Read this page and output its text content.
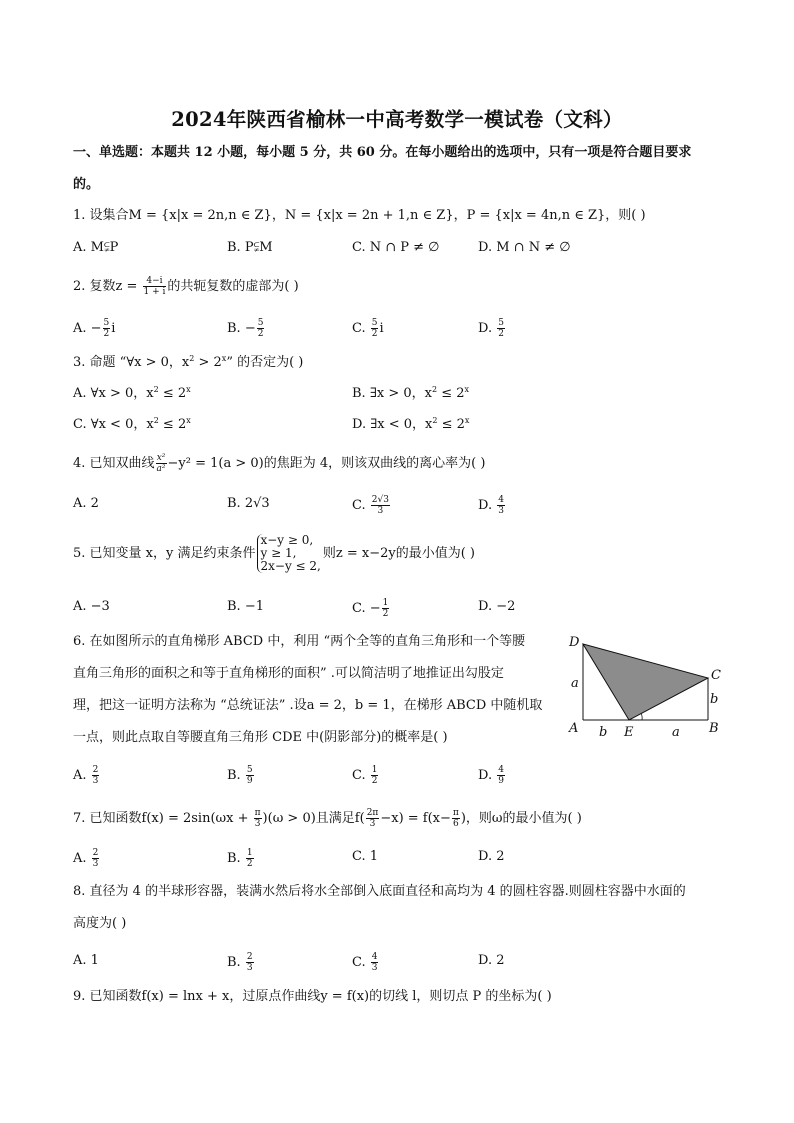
2024年陕西省榆林一中高考数学一模试卷（文科）
一、单选题：本题共 12 小题，每小题 5 分，共 60 分。在每小题给出的选项中，只有一项是符合题目要求
的。
1. 设集合M = {x|x = 2n,n ∈ Z}，N = {x|x = 2n + 1,n ∈ Z}，P = {x|x = 4n,n ∈ Z}，则( )
A. M⫋P	B. P⫋M	C. N ∩ P ≠ ∅	D. M ∩ N ≠ ∅
2. 复数$z = \frac{4-i}{1 + i}$ 的共轭复数的虚部为( )
A. − $\frac{5}{2}$ i	B. − $\frac{5}{2}$	C. $\frac{5}{2}$ i	D. $\frac{5}{2}$
3. 命题 “∀x > 0，$x^2 > 2^x$” 的否定为( )
A. ∀x > 0，$x^2 \le 2^x$	B. ∃x > 0，$x^2 \le 2^x$
C. ∀x < 0，$x^2 \le 2^x$	D. ∃x < 0，$x^2 \le 2^x$
4. 已知双曲线 $\frac{\text{x²}}{\text{a²}} -y^2 = 1(a > 0)$的焦距为 4，则该双曲线的离心率为( )
A. 2	B. 2√3	C. $\frac{2√3}{3}$	D. $\frac{4}{3}$
5. 已知变量 x，y 满足约束条件
x−y ≥ 0,
y ≥ 1,
2x−y ≤ 2,
则z = x−2y的最小值为( )
A. −3	B. −1	C. − $\frac{1}{2}$	D. −2
6. 在如图所示的直角梯形 ABCD 中，利用 “两个全等的直角三角形和一个等腰
直角三角形的面积之和等于直角梯形的面积” .可以简洁明了地推证出勾股定
理，把这一证明方法称为 “总统证法” .设a = 2，b = 1，在梯形 ABCD 中随机取
一点，则此点取自等腰直角三角形 CDE 中(阴影部分)的概率是( )
D
C
a
b
A b E	a B
A. $\frac{2}{3}$	B. $\frac{5}{9}$	C. $\frac{1}{2}$	D. $\frac{4}{9}$
7. 已知函数$f(x) = 2\sin(\omega x + \frac{\pi}{3} )(\omega > 0)$且满足$f( \frac{2\pi}{3} -x) = f(x- \frac{\pi}{6}$ )，则ω的最小值为( )
A. $\frac{2}{3}$	B. $\frac{1}{2}$	C. 1	D. 2
8. 直径为 4 的半球形容器，装满水然后将水全部倒入底面直径和高均为 4 的圆柱容器.则圆柱容器中水面的
高度为( )
A. 1	B. $\frac{2}{3}$	C. $\frac{4}{3}$	D. 2
9. 已知函数f(x) = lnx + x，过原点作曲线y = f(x)的切线 l，则切点 P 的坐标为( )
